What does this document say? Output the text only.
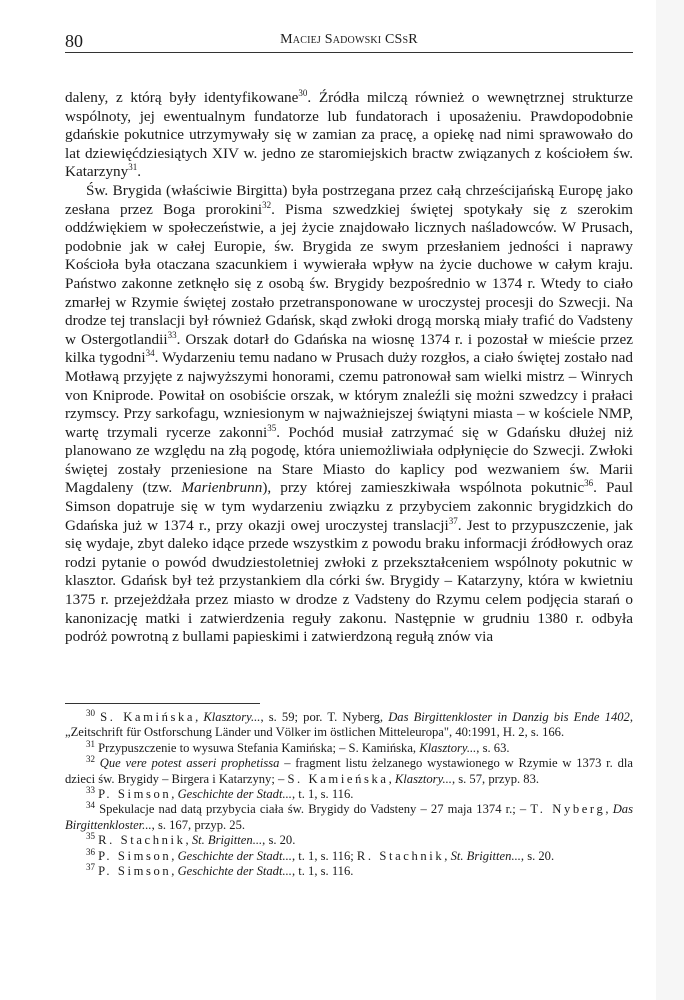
80	Maciej Sadowski CSsR

daleny, z którą były identyfikowane$^{30}$. Źródła milczą również o wewnętrznej strukturze wspólnoty, jej ewentualnym fundatorze lub fundatorach i uposażeniu. Prawdopodobnie gdańskie pokutnice utrzymywały się w zamian za pracę, a opiekę nad nimi sprawowało do lat dziewięćdziesiątych XIV w. jedno ze staromiejskich bractw związanych z kościołem św. Katarzyny$^{31}$.

Św. Brygida (właściwie Birgitta) była postrzegana przez całą chrześcijańską Europę jako zesłana przez Boga prorokini$^{32}$. Pisma szwedzkiej świętej spotykały się z szerokim oddźwiękiem w społeczeństwie, a jej życie znajdowało licznych naśladowców. W Prusach, podobnie jak w całej Europie, św. Brygida ze swym przesłaniem jedności i naprawy Kościoła była otaczana szacunkiem i wywierała wpływ na życie duchowe w całym kraju. Państwo zakonne zetknęło się z osobą św. Brygidy bezpośrednio w 1374 r. Wtedy to ciało zmarłej w Rzymie świętej zostało przetransponowane w uroczystej procesji do Szwecji. Na drodze tej translacji był również Gdańsk, skąd zwłoki drogą morską miały trafić do Vadsteny w Ostergotlandii$^{33}$. Orszak dotarł do Gdańska na wiosnę 1374 r. i pozostał w mieście przez kilka tygodni$^{34}$. Wydarzeniu temu nadano w Prusach duży rozgłos, a ciało świętej zostało nad Motławą przyjęte z najwyższymi honorami, czemu patronował sam wielki mistrz – Winrych von Kniprode. Powitał on osobiście orszak, w którym znaleźli się możni szwedzcy i prałaci rzymscy. Przy sarkofagu, wzniesionym w najważniejszej świątyni miasta – w kościele NMP, wartę trzymali rycerze zakonni$^{35}$. Pochód musiał zatrzymać się w Gdańsku dłużej niż planowano ze względu na złą pogodę, która uniemożliwiała odpłynięcie do Szwecji. Zwłoki świętej zostały przeniesione na Stare Miasto do kaplicy pod wezwaniem św. Marii Magdaleny (tzw. Marienbrunn), przy której zamieszkiwała wspólnota pokutnic$^{36}$. Paul Simson dopatruje się w tym wydarzeniu związku z przybyciem zakonnic brygidzkich do Gdańska już w 1374 r., przy okazji owej uroczystej translacji$^{37}$. Jest to przypuszczenie, jak się wydaje, zbyt daleko idące przede wszystkim z powodu braku informacji źródłowych oraz rodzi pytanie o powód dwudziestoletniej zwłoki z przekształceniem wspólnoty pokutnic w klasztor. Gdańsk był też przystankiem dla córki św. Brygidy – Katarzyny, która w kwietniu 1375 r. przejeżdżała przez miasto w drodze z Vadsteny do Rzymu celem podjęcia starań o kanonizację matki i zatwierdzenia reguły zakonu. Następnie w grudniu 1380 r. odbyła podróż powrotną z bullami papieskimi i zatwierdzoną regułą znów via

$^{30}$ S. Kamińska, Klasztory..., s. 59; por. T. Nyberg, Das Birgittenkloster in Danzig bis Ende 1402, „Zeitschrift für Ostforschung Länder und Völker im östlichen Mitteleuropa", 40:1991, H. 2, s. 166.

$^{31}$ Przypuszczenie to wysuwa Stefania Kamińska; – S. Kamińska, Klasztory..., s. 63.

$^{32}$ Que vere potest asseri prophetissa – fragment listu żelzanego wystawionego w Rzymie w 1373 r. dla dzieci św. Brygidy – Birgera i Katarzyny; – S. Kamieńska, Klasztory..., s. 57, przyp. 83.

$^{33}$ P. Simson, Geschichte der Stadt..., t. 1, s. 116.

$^{34}$ Spekulacje nad datą przybycia ciała św. Brygidy do Vadsteny – 27 maja 1374 r.; – T. Nyberg, Das Birgittenkloster..., s. 167, przyp. 25.

$^{35}$ R. Stachnik, St. Brigitten..., s. 20.

$^{36}$ P. Simson, Geschichte der Stadt..., t. 1, s. 116; R. Stachnik, St. Brigitten..., s. 20.

$^{37}$ P. Simson, Geschichte der Stadt..., t. 1, s. 116.
